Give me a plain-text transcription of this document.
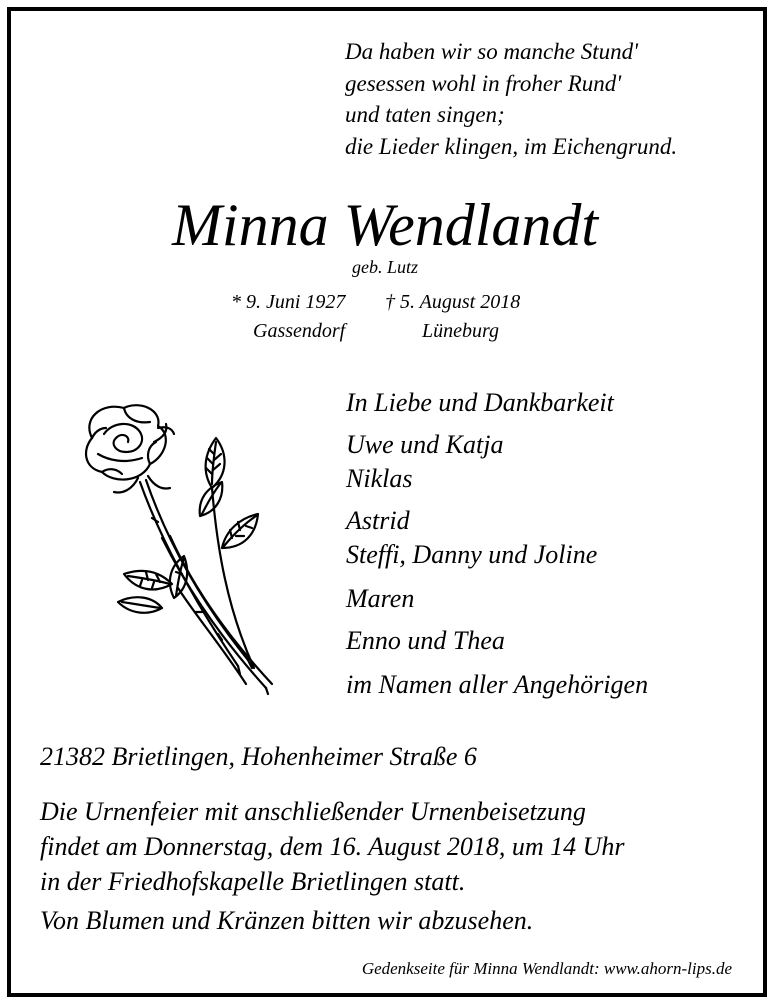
Da haben wir so manche Stund'
gesessen wohl in froher Rund'
und taten singen;
die Lieder klingen, im Eichengrund.
Minna Wendlandt
geb. Lutz
* 9. Juni 1927 † 5. August 2018
Gassendorf	Lüneburg
In Liebe und Dankbarkeit
Uwe und Katja
Niklas
Astrid
Steffi, Danny und Joline
Maren
Enno und Thea
im Namen aller Angehörigen
21382 Brietlingen, Hohenheimer Straße 6
Die Urnenfeier mit anschließender Urnenbeisetzung
findet am Donnerstag, dem 16. August 2018, um 14 Uhr
in der Friedhofskapelle Brietlingen statt.
Von Blumen und Kränzen bitten wir abzusehen.
Gedenkseite für Minna Wendlandt: www.ahorn-lips.de
